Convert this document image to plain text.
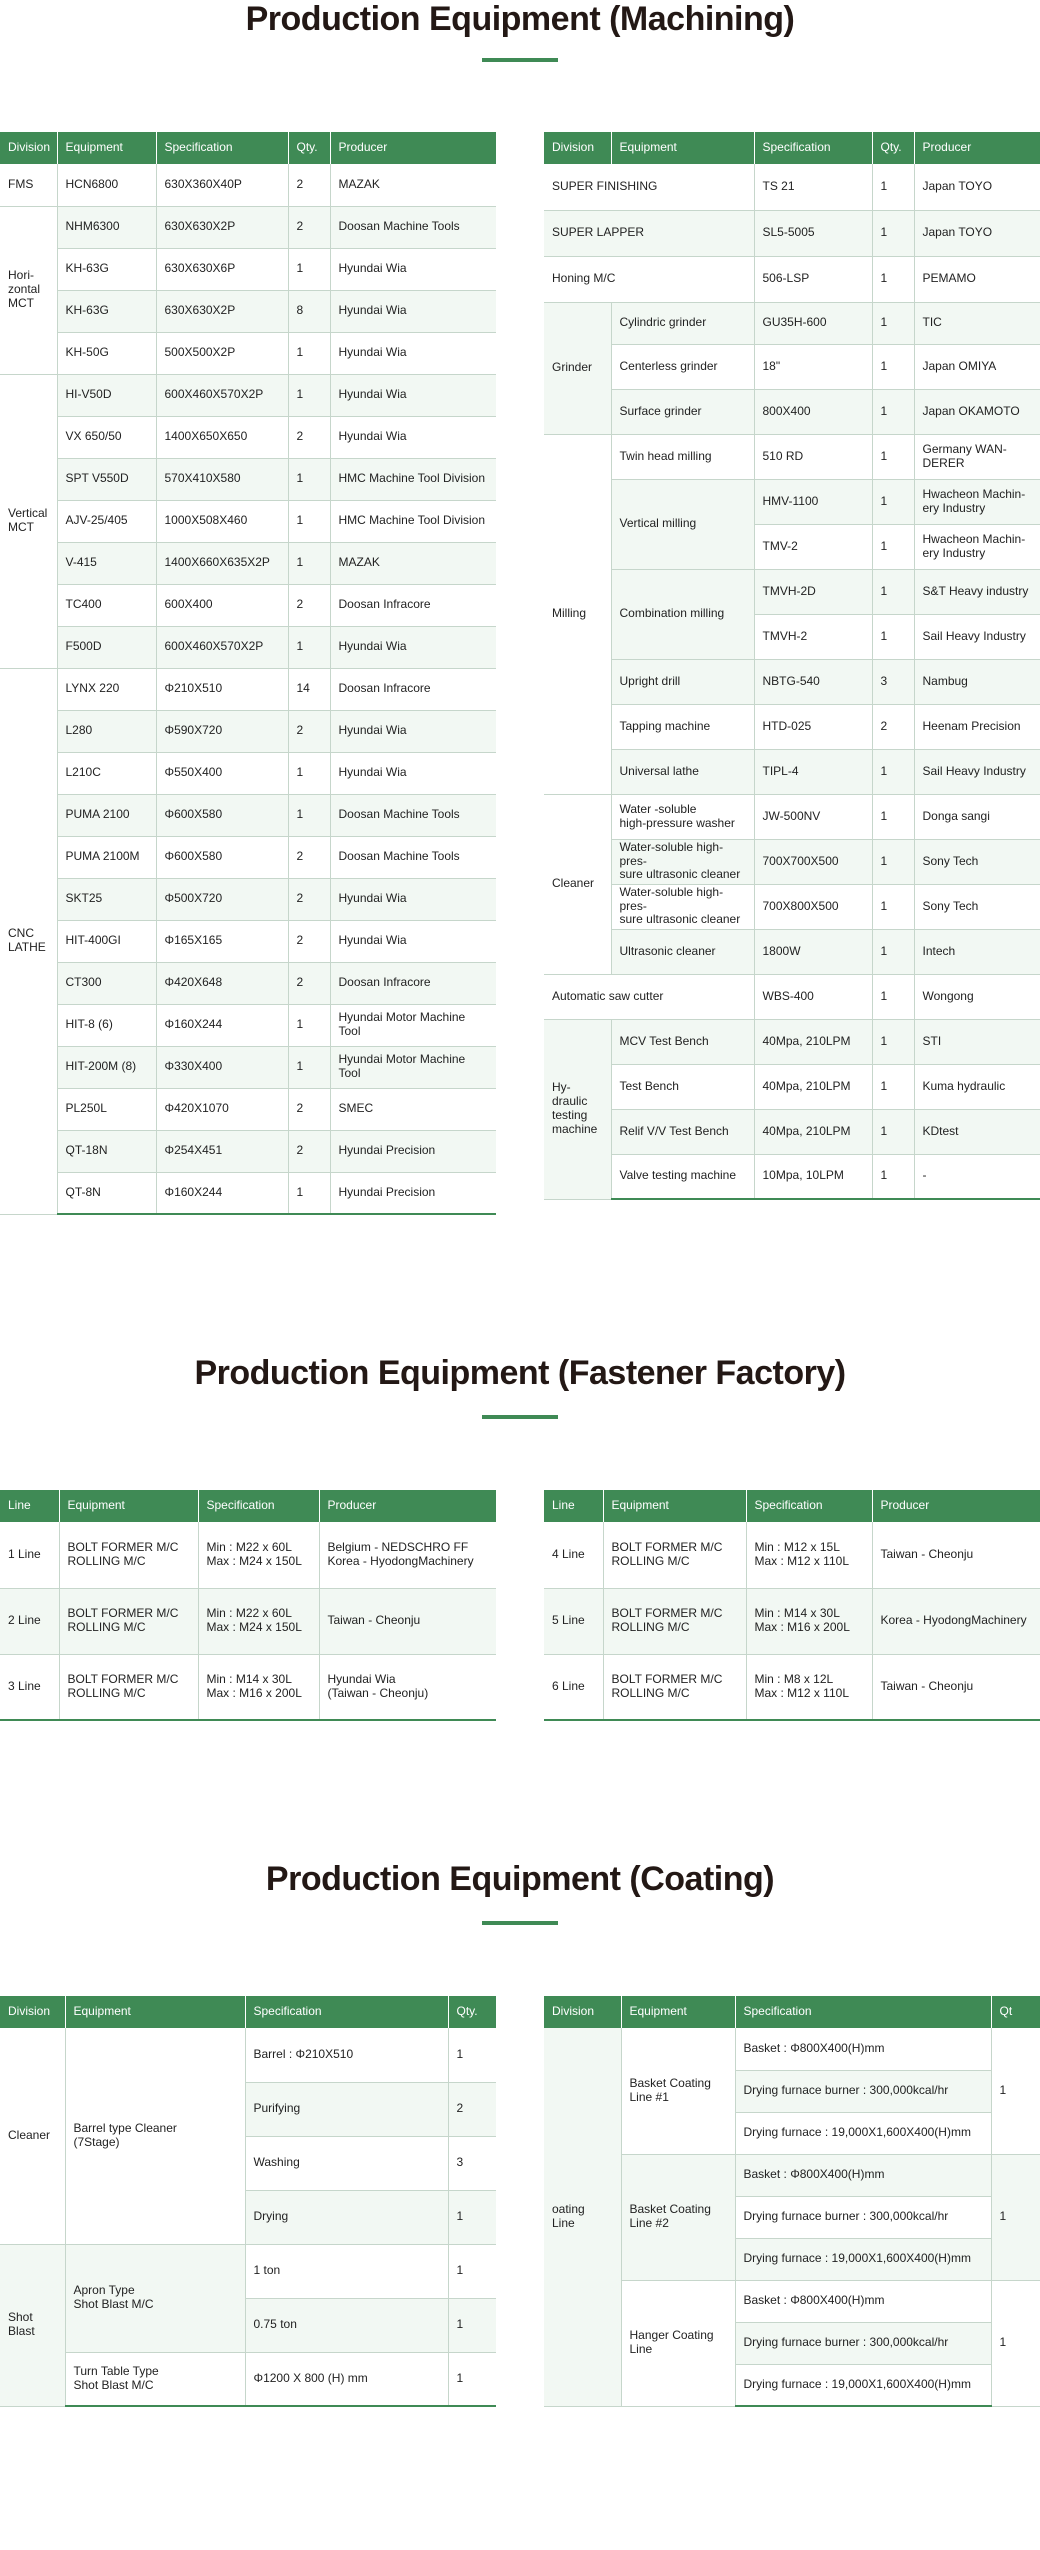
Production Equipment (Machining)
Division	Equipment	Specification	Qty.	Producer
FMS	HCN6800	630X360X40P	2	MAZAK
Hori-
zontal
MCT	NHM6300	630X630X2P	2	Doosan Machine Tools
	KH-63G	630X630X6P	1	Hyundai Wia
	KH-63G	630X630X2P	8	Hyundai Wia
	KH-50G	500X500X2P	1	Hyundai Wia
Vertical
MCT	HI-V50D	600X460X570X2P	1	Hyundai Wia
	VX 650/50	1400X650X650	2	Hyundai Wia
	SPT V550D	570X410X580	1	HMC Machine Tool Division
	AJV-25/405	1000X508X460	1	HMC Machine Tool Division
	V-415	1400X660X635X2P	1	MAZAK
	TC400	600X400	2	Doosan Infracore
	F500D	600X460X570X2P	1	Hyundai Wia
CNC
LATHE	LYNX 220	Φ210X510	14	Doosan Infracore
	L280	Φ590X720	2	Hyundai Wia
	L210C	Φ550X400	1	Hyundai Wia
	PUMA 2100	Φ600X580	1	Doosan Machine Tools
	PUMA 2100M	Φ600X580	2	Doosan Machine Tools
	SKT25	Φ500X720	2	Hyundai Wia
	HIT-400GI	Φ165X165	2	Hyundai Wia
	CT300	Φ420X648	2	Doosan Infracore
	HIT-8 (6)	Φ160X244	1	Hyundai Motor Machine
Tool
	HIT-200M (8)	Φ330X400	1	Hyundai Motor Machine
Tool
	PL250L	Φ420X1070	2	SMEC
	QT-18N	Φ254X451	2	Hyundai Precision
	QT-8N	Φ160X244	1	Hyundai Precision
Division	Equipment	Specification	Qty.	Producer
SUPER FINISHING		TS 21	1	Japan TOYO
SUPER LAPPER		SL5-5005	1	Japan TOYO
Honing M/C		506-LSP	1	PEMAMO
Grinder	Cylindric grinder	GU35H-600	1	TIC
	Centerless grinder	18"	1	Japan OMIYA
	Surface grinder	800X400	1	Japan OKAMOTO
Milling	Twin head milling	510 RD	1	Germany WAN-
DERER
	Vertical milling	HMV-1100	1	Hwacheon Machin-
ery Industry
		TMV-2	1	Hwacheon Machin-
ery Industry
	Combination milling	TMVH-2D	1	S&T Heavy industry
		TMVH-2	1	Sail Heavy Industry
	Upright drill	NBTG-540	3	Nambug
	Tapping machine	HTD-025	2	Heenam Precision
	Universal lathe	TIPL-4	1	Sail Heavy Industry
Cleaner	Water -soluble
high-pressure washer	JW-500NV	1	Donga sangi
	Water-soluble high-pres-
sure ultrasonic cleaner	700X700X500	1	Sony Tech
	Water-soluble high-pres-
sure ultrasonic cleaner	700X800X500	1	Sony Tech
	Ultrasonic cleaner	1800W	1	Intech
Automatic saw cutter		WBS-400	1	Wongong
Hy-
draulic
testing
machine	MCV Test Bench	40Mpa, 210LPM	1	STI
	Test Bench	40Mpa, 210LPM	1	Kuma hydraulic
	Relif V/V Test Bench	40Mpa, 210LPM	1	KDtest
	Valve testing machine	10Mpa, 10LPM	1	-
Production Equipment (Fastener Factory)
Line	Equipment	Specification	Producer
1 Line	BOLT FORMER M/C
ROLLING M/C	Min : M22 x 60L
Max : M24 x 150L	Belgium - NEDSCHRO FF
Korea - HyodongMachinery
2 Line	BOLT FORMER M/C
ROLLING M/C	Min : M22 x 60L
Max : M24 x 150L	Taiwan - Cheonju
3 Line	BOLT FORMER M/C
ROLLING M/C	Min : M14 x 30L
Max : M16 x 200L	Hyundai Wia
(Taiwan - Cheonju)
Line	Equipment	Specification	Producer
4 Line	BOLT FORMER M/C
ROLLING M/C	Min : M12 x 15L
Max : M12 x 110L	Taiwan - Cheonju
5 Line	BOLT FORMER M/C
ROLLING M/C	Min : M14 x 30L
Max : M16 x 200L	Korea - HyodongMachinery
6 Line	BOLT FORMER M/C
ROLLING M/C	Min : M8 x 12L
Max : M12 x 110L	Taiwan - Cheonju
Production Equipment (Coating)
Division	Equipment	Specification	Qty.
Cleaner	Barrel type Cleaner
(7Stage)	Barrel : Φ210X510	1
		Purifying	2
		Washing	3
		Drying	1
Shot
Blast	Apron Type
Shot Blast M/C	1 ton	1
		0.75 ton	1
	Turn Table Type
Shot Blast M/C	Φ1200 X 800 (H) mm	1
Division	Equipment	Specification	Qt
oating
Line	Basket Coating
Line #1	Basket : Φ800X400(H)mm	1
		Drying furnace burner : 300,000kcal/hr	
		Drying furnace : 19,000X1,600X400(H)mm	
	Basket Coating
Line #2	Basket : Φ800X400(H)mm	1
		Drying furnace burner : 300,000kcal/hr	
		Drying furnace : 19,000X1,600X400(H)mm	
	Hanger Coating
Line	Basket : Φ800X400(H)mm	1
		Drying furnace burner : 300,000kcal/hr	
		Drying furnace : 19,000X1,600X400(H)mm	
